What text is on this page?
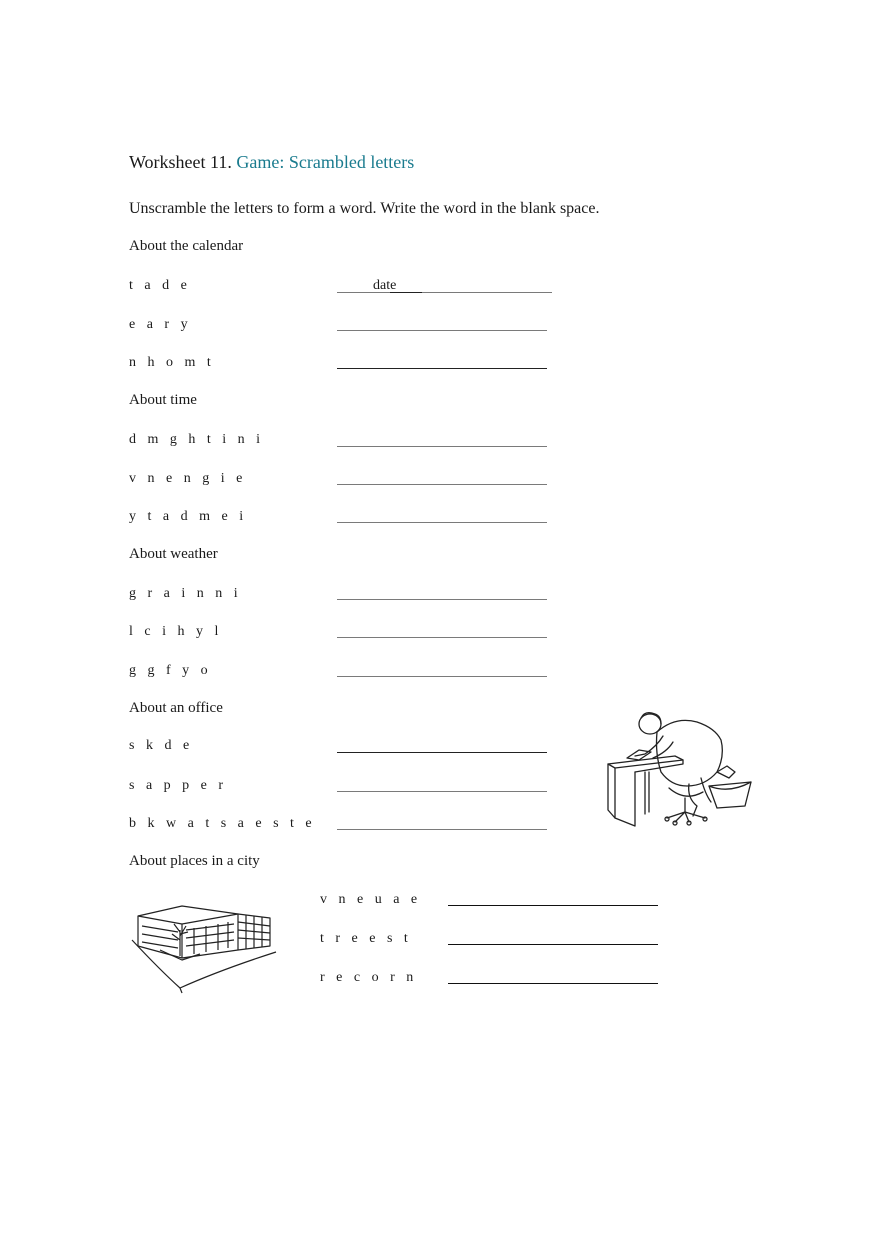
Worksheet 11. Game: Scrambled letters
Unscramble the letters to form a word. Write the word in the blank space.
About the calendar
t a d e	date
e a r y
n h o m t
About time
d m g h t i n i
v n e n g i e
y t a d m e i
About weather
g r a i n n i
l c i h y l
g g f y o
About an office
s k d e
s a p p e r
b k w a t s a e s t e
About places in a city
v n e u a e
t r e e s t
r e c o r n
